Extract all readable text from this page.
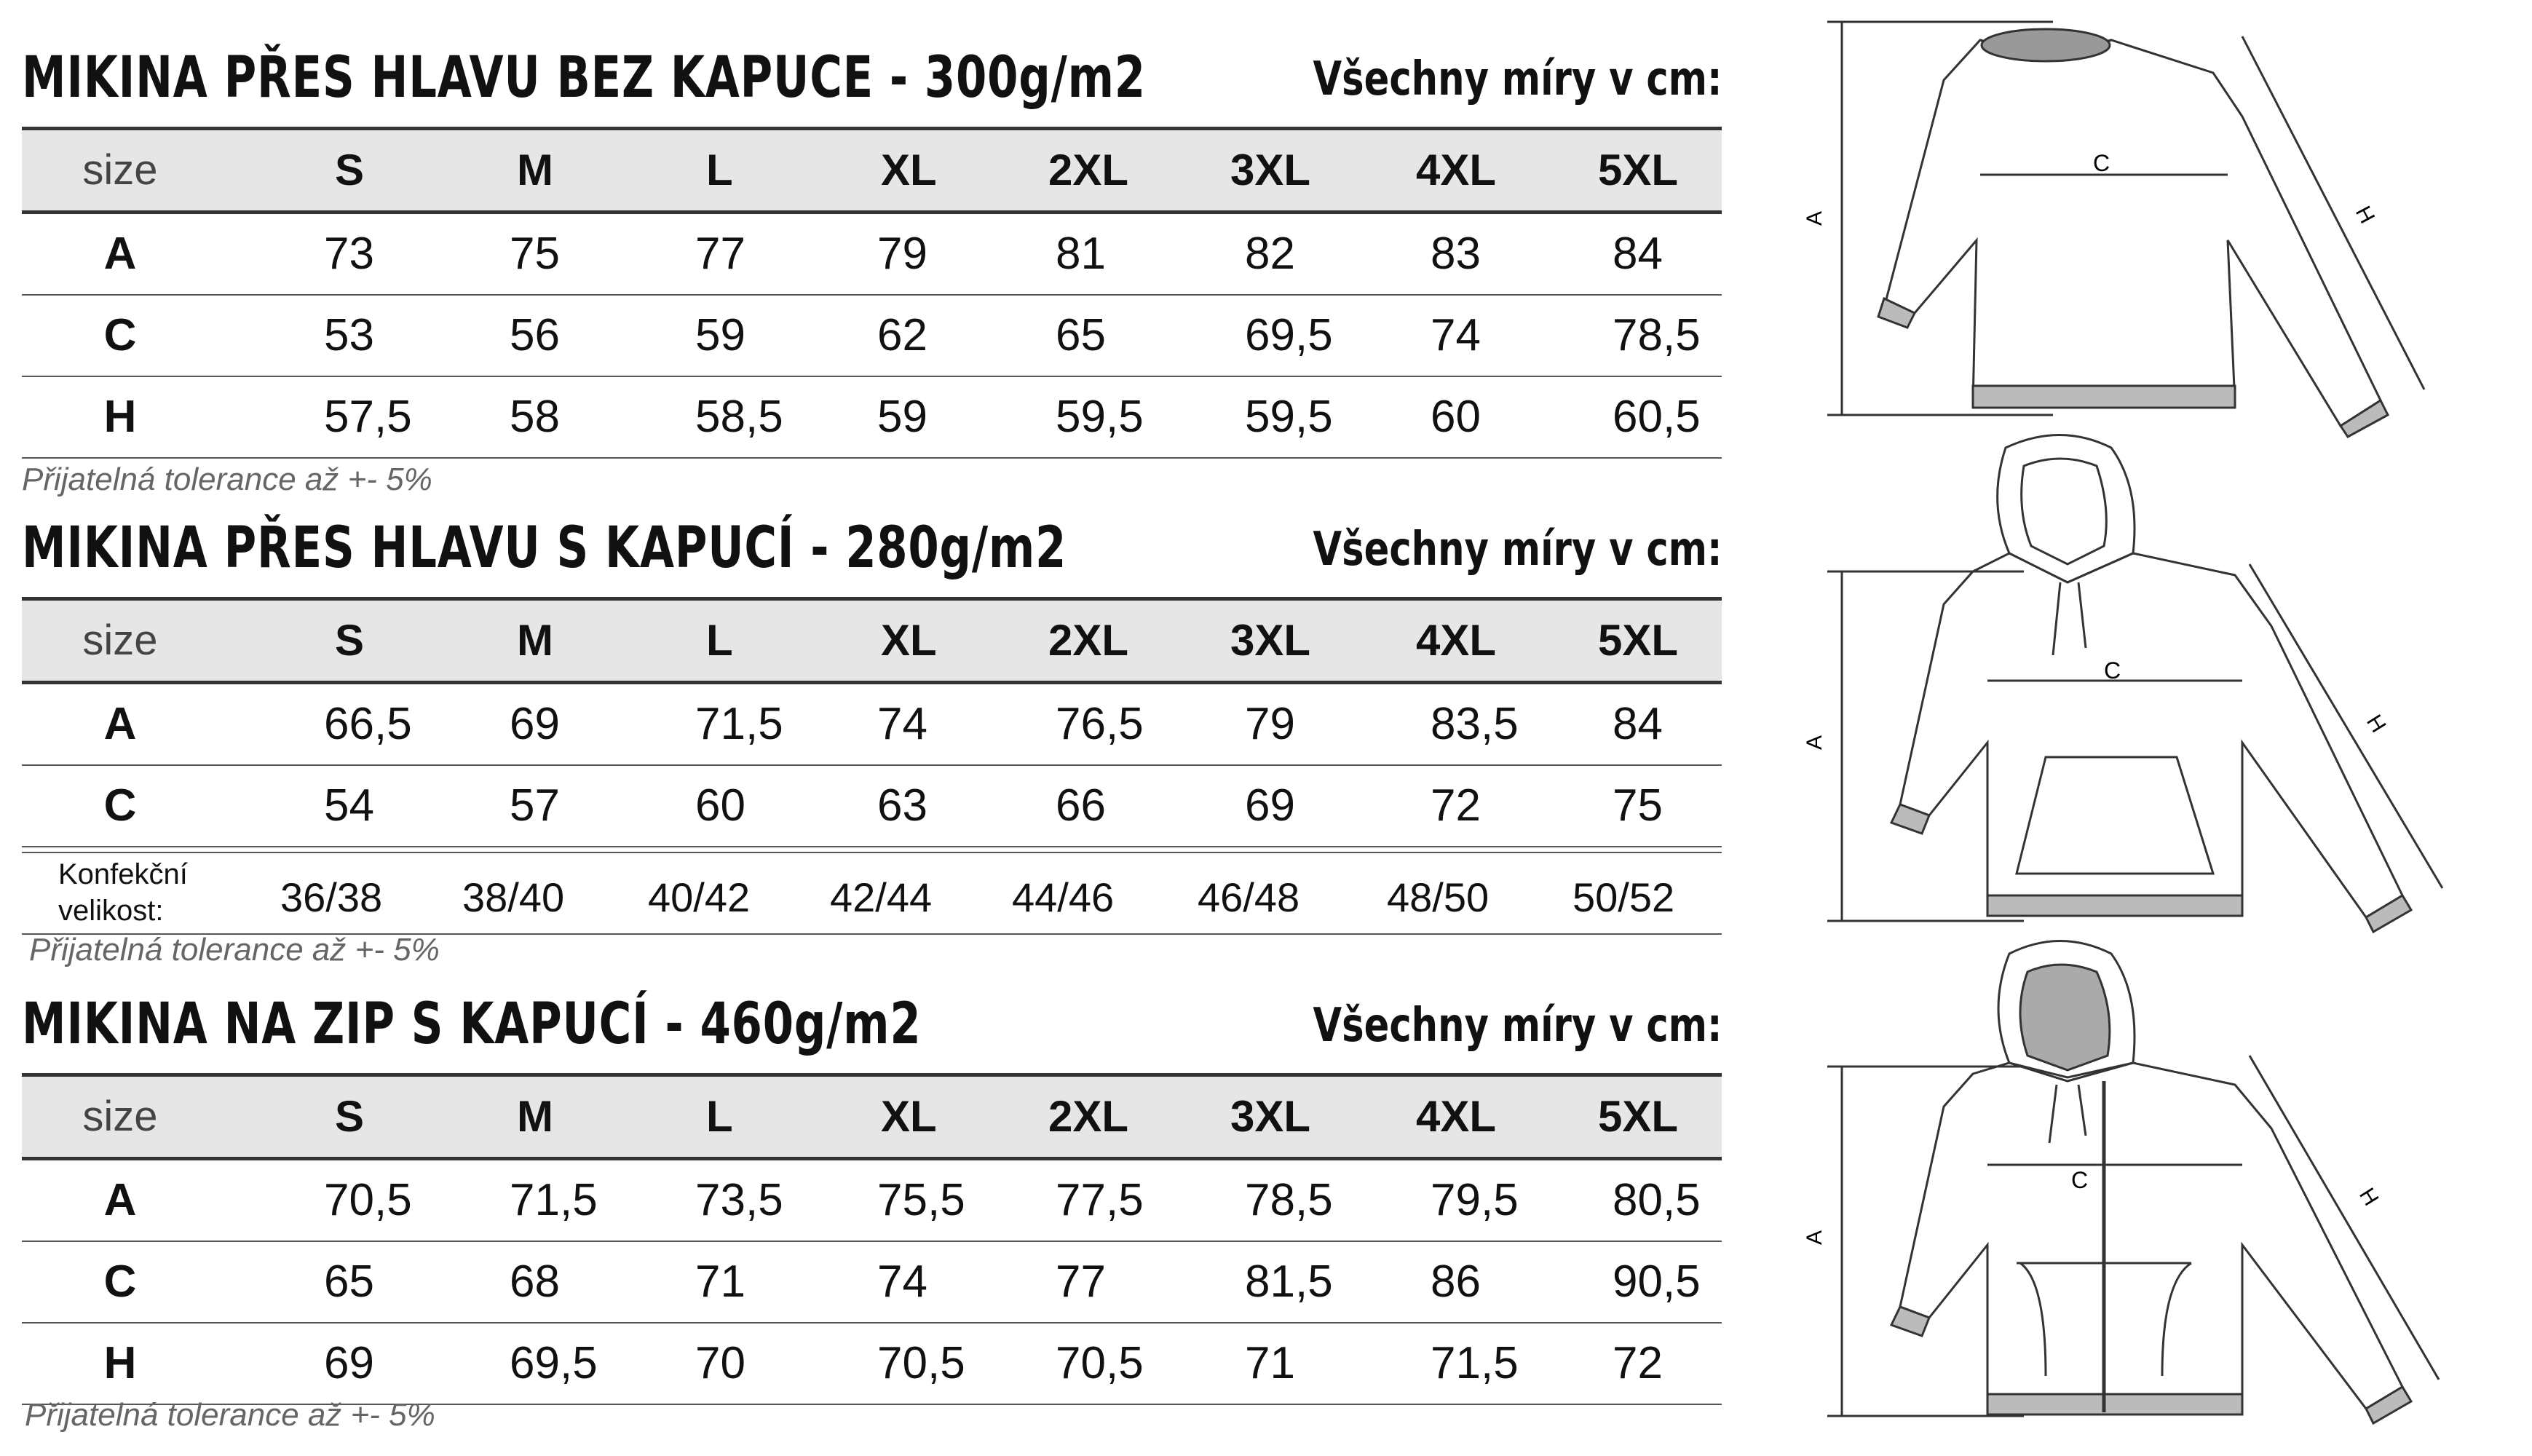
MIKINA PŘES HLAVU BEZ KAPUCE - 300g/m2	Všechny míry v cm:
size	S	M	L	XL	2XL 3XL 4XL 5XL
A	73	75	77	79	81	82	83	84
C	53	56	59	62	65	69,5 74	78,5
H	57,5 58	58,5 59	59,5 59,5 60	60,5
Přijatelná tolerance až +- 5%
MIKINA PŘES HLAVU S KAPUCÍ - 280g/m2	Všechny míry v cm:
size	S	M	L	XL	2XL 3XL 4XL 5XL
A	66,5 69	71,5 74	76,5 79	83,5 84
C	54	57	60	63	66	69	72	75
Konfekční velikost:	36/38 38/40 40/42 42/44 44/46 46/48 48/50 50/52
Přijatelná tolerance až +- 5%
MIKINA NA ZIP S KAPUCÍ - 460g/m2	Všechny míry v cm:
size	S	M	L	XL	2XL 3XL 4XL 5XL
A	70,5 71,5 73,5 75,5 77,5 78,5 79,5 80,5
C	65	68	71	74	77	81,5 86	90,5
H	69	69,5 70	70,5 70,5 71	71,5 72
Přijatelná tolerance až +- 5%
A
C
H
A
C
H
A
C
H
